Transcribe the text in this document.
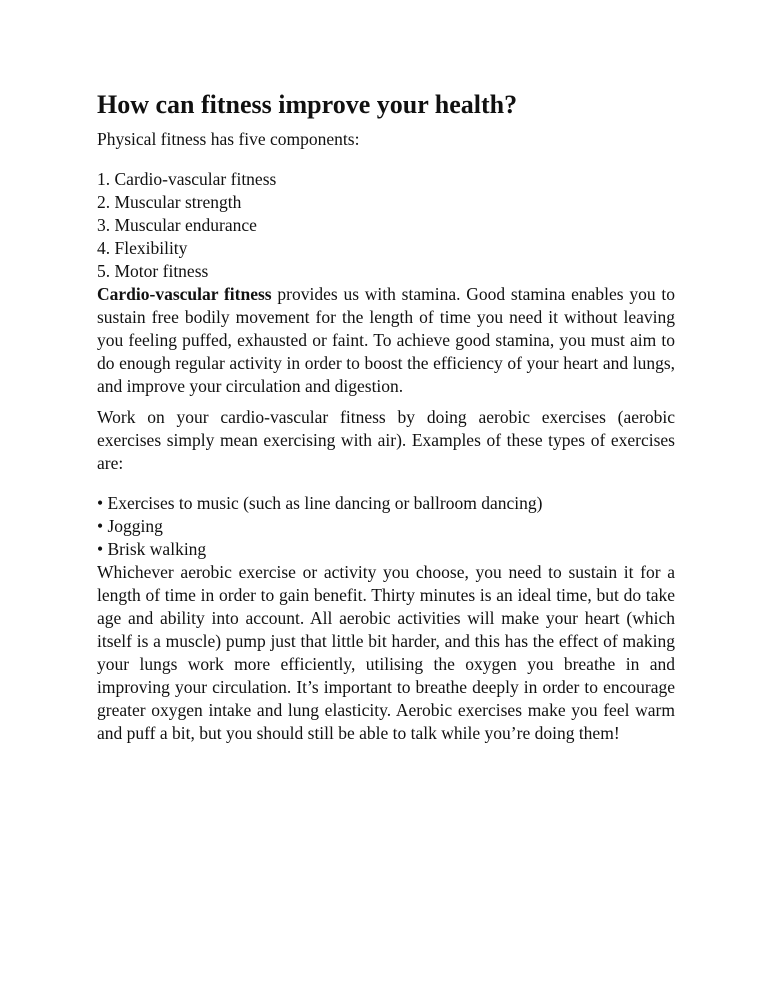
How can fitness improve your health?

Physical fitness has five components:

1. Cardio-vascular fitness
2. Muscular strength
3. Muscular endurance
4. Flexibility
5. Motor fitness

Cardio-vascular fitness provides us with stamina. Good stamina enables you to sustain free bodily movement for the length of time you need it without leaving you feeling puffed, exhausted or faint. To achieve good stamina, you must aim to do enough regular activity in order to boost the efficiency of your heart and lungs, and improve your circulation and digestion.

Work on your cardio-vascular fitness by doing aerobic exercises (aerobic exercises simply mean exercising with air). Examples of these types of exercises are:

• Exercises to music (such as line dancing or ballroom dancing)
• Jogging
• Brisk walking

Whichever aerobic exercise or activity you choose, you need to sustain it for a length of time in order to gain benefit. Thirty minutes is an ideal time, but do take age and ability into account. All aerobic activities will make your heart (which itself is a muscle) pump just that little bit harder, and this has the effect of making your lungs work more efficiently, utilising the oxygen you breathe in and improving your circulation. It’s important to breathe deeply in order to encourage greater oxygen intake and lung elasticity. Aerobic exercises make you feel warm and puff a bit, but you should still be able to talk while you’re doing them!
